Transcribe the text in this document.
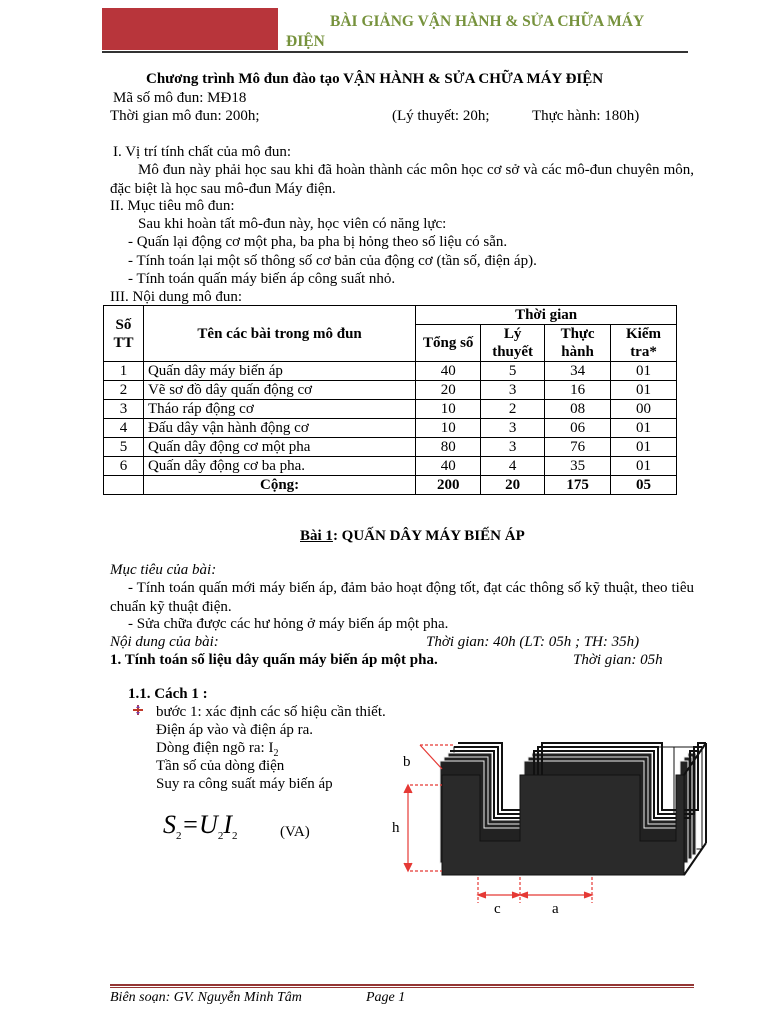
BÀI GIẢNG VẬN HÀNH & SỬA CHỮA MÁY
ĐIỆN
Chương trình Mô đun đào tạo VẬN HÀNH & SỬA CHỮA MÁY ĐIỆN
Mã số mô đun: MĐ18
Thời gian mô đun: 200h;	(Lý thuyết: 20h;	Thực hành: 180h)
I. Vị trí tính chất của mô đun:
Mô đun này phải học sau khi đã hoàn thành các môn học cơ sở và các mô-đun chuyên môn, đặc biệt là học sau mô-đun Máy điện.
II. Mục tiêu mô đun:
Sau khi hoàn tất mô-đun này, học viên có năng lực:
- Quấn lại động cơ một pha, ba pha bị hỏng theo số liệu có sẵn.
- Tính toán lại một số thông số cơ bản của động cơ (tần số, điện áp).
- Tính toán quấn máy biến áp công suất nhỏ.
III. Nội dung mô đun:
Số TT	Tên các bài trong mô đun	Thời gian			
		Tổng số	Lý thuyết	Thực hành	Kiểm tra*
1	Quấn dây máy biến áp	40	5	34	01
2	Vẽ sơ đồ dây quấn động cơ	20	3	16	01
3	Tháo ráp động cơ	10	2	08	00
4	Đấu dây vận hành động cơ	10	3	06	01
5	Quấn dây động cơ một pha	80	3	76	01
6	Quấn dây động cơ ba pha.	40	4	35	01
	Cộng:	200	20	175	05
Bài 1: QUẤN DÂY MÁY BIẾN ÁP
Mục tiêu của bài:
- Tính toán quấn mới máy biến áp, đảm bảo hoạt động tốt, đạt các thông số kỹ thuật, theo tiêu chuẩn kỹ thuật điện.
- Sửa chữa được các hư hỏng ở máy biến áp một pha.
Nội dung của bài:	Thời gian: 40h (LT: 05h ; TH: 35h)
1. Tính toán số liệu dây quấn máy biến áp một pha.	Thời gian: 05h
1.1. Cách 1 :
bước 1: xác định các số hiệu cần thiết.
Điện áp vào và điện áp ra.
Dòng điện ngõ ra: $I_2$
Tần số của dòng điện
Suy ra công suất máy biến áp
$S_2=U_2I_2$	(VA)
b
h
c	a
Biên soạn: GV. Nguyễn Minh Tâm	Page 1
